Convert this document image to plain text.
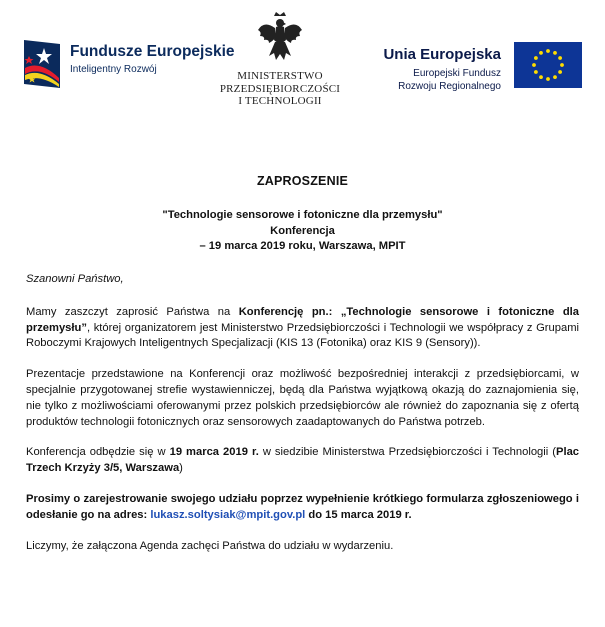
Fundusze Europejskie
Inteligentny Rozwój
MINISTERSTWO
PRZEDSIĘBIORCZOŚCI
I TECHNOLOGII
Unia Europejska
Europejski Fundusz
Rozwoju Regionalnego
ZAPROSZENIE
"Technologie sensorowe i fotoniczne dla przemysłu"
Konferencja
– 19 marca 2019 roku, Warszawa, MPIT

Szanowni Państwo,

Mamy zaszczyt zaprosić Państwa na Konferencję pn.: „Technologie sensorowe i fotoniczne dla przemysłu”, której organizatorem jest Ministerstwo Przedsiębiorczości i Technologii we współpracy z Grupami Roboczymi Krajowych Inteligentnych Specjalizacji (KIS 13 (Fotonika) oraz KIS 9 (Sensory)).

Prezentacje przedstawione na Konferencji oraz możliwość bezpośredniej interakcji z przedsiębiorcami, w specjalnie przygotowanej strefie wystawienniczej, będą dla Państwa wyjątkową okazją do zaznajomienia się, nie tylko z możliwościami oferowanymi przez polskich przedsiębiorców ale również do zapoznania się z ofertą produktów technologii fotonicznych oraz sensorowych zaadaptowanych do Państwa potrzeb.

Konferencja odbędzie się w 19 marca 2019 r. w siedzibie Ministerstwa Przedsiębiorczości i Technologii (Plac Trzech Krzyży 3/5, Warszawa)

Prosimy o zarejestrowanie swojego udziału poprzez wypełnienie krótkiego formularza zgłoszeniowego i odesłanie go na adres: lukasz.soltysiak@mpit.gov.pl do 15 marca 2019 r.

Liczymy, że załączona Agenda zachęci Państwa do udziału w wydarzeniu.
